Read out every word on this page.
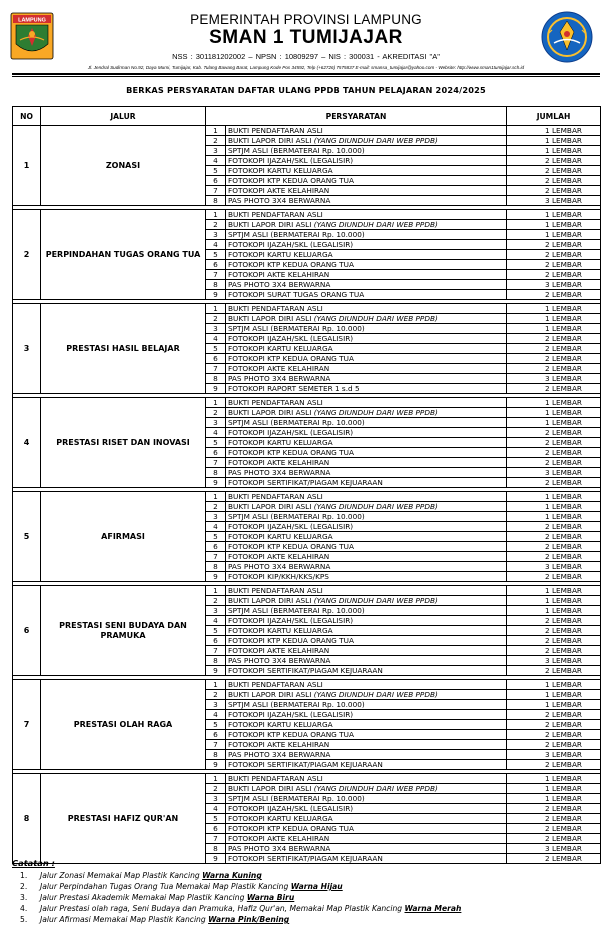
LAMPUNG	PEMERINTAH PROVINSI LAMPUNG
SMAN 1 TUMIJAJAR
NSS : 301181202002 – NPSN : 10809297 – NIS : 300031 - AKREDITASI "A"
Jl. Jendral Sudirman No.92, Daya Murni, Tumijajar, Kab. Tulang Bawang Barat, Lampung Kode Pos 34592, Telp (+62726) 7575837 E-mail: smansa_tumijajar@yahoo.com - Website: http://www.sman1tumijajar.sch.id
BERKAS PERSYARATAN DAFTAR ULANG PPDB TAHUN PELAJARAN 2024/2025
NO	JALUR	PERSYARATAN		JUMLAH
1	ZONASI	1	BUKTI PENDAFTARAN ASLI	1 LEMBAR
		2	BUKTI LAPOR DIRI ASLI (YANG DIUNDUH DARI WEB PPDB)	1 LEMBAR
		3	SPTJM ASLI (BERMATERAI Rp. 10.000)	1 LEMBAR
		4	FOTOKOPI IJAZAH/SKL (LEGALISIR)	2 LEMBAR
		5	FOTOKOPI KARTU KELUARGA	2 LEMBAR
		6	FOTOKOPI KTP KEDUA ORANG TUA	2 LEMBAR
		7	FOTOKOPI AKTE KELAHIRAN	2 LEMBAR
		8	PAS PHOTO 3X4 BERWARNA	3 LEMBAR

2	PERPINDAHAN TUGAS ORANG TUA	1	BUKTI PENDAFTARAN ASLI	1 LEMBAR
		2	BUKTI LAPOR DIRI ASLI (YANG DIUNDUH DARI WEB PPDB)	1 LEMBAR
		3	SPTJM ASLI (BERMATERAI Rp. 10.000)	1 LEMBAR
		4	FOTOKOPI IJAZAH/SKL (LEGALISIR)	2 LEMBAR
		5	FOTOKOPI KARTU KELUARGA	2 LEMBAR
		6	FOTOKOPI KTP KEDUA ORANG TUA	2 LEMBAR
		7	FOTOKOPI AKTE KELAHIRAN	2 LEMBAR
		8	PAS PHOTO 3X4 BERWARNA	3 LEMBAR
		9	FOTOKOPI SURAT TUGAS ORANG TUA	2 LEMBAR

3	PRESTASI HASIL BELAJAR	1	BUKTI PENDAFTARAN ASLI	1 LEMBAR
		2	BUKTI LAPOR DIRI ASLI (YANG DIUNDUH DARI WEB PPDB)	1 LEMBAR
		3	SPTJM ASLI (BERMATERAI Rp. 10.000)	1 LEMBAR
		4	FOTOKOPI IJAZAH/SKL (LEGALISIR)	2 LEMBAR
		5	FOTOKOPI KARTU KELUARGA	2 LEMBAR
		6	FOTOKOPI KTP KEDUA ORANG TUA	2 LEMBAR
		7	FOTOKOPI AKTE KELAHIRAN	2 LEMBAR
		8	PAS PHOTO 3X4 BERWARNA	3 LEMBAR
		9	FOTOKOPI RAPORT SEMETER 1 s.d 5	2 LEMBAR

4	PRESTASI RISET DAN INOVASI	1	BUKTI PENDAFTARAN ASLI	1 LEMBAR
		2	BUKTI LAPOR DIRI ASLI (YANG DIUNDUH DARI WEB PPDB)	1 LEMBAR
		3	SPTJM ASLI (BERMATERAI Rp. 10.000)	1 LEMBAR
		4	FOTOKOPI IJAZAH/SKL (LEGALISIR)	2 LEMBAR
		5	FOTOKOPI KARTU KELUARGA	2 LEMBAR
		6	FOTOKOPI KTP KEDUA ORANG TUA	2 LEMBAR
		7	FOTOKOPI AKTE KELAHIRAN	2 LEMBAR
		8	PAS PHOTO 3X4 BERWARNA	3 LEMBAR
		9	FOTOKOPI SERTIFIKAT/PIAGAM KEJUARAAN	2 LEMBAR

5	AFIRMASI	1	BUKTI PENDAFTARAN ASLI	1 LEMBAR
		2	BUKTI LAPOR DIRI ASLI (YANG DIUNDUH DARI WEB PPDB)	1 LEMBAR
		3	SPTJM ASLI (BERMATERAI Rp. 10.000)	1 LEMBAR
		4	FOTOKOPI IJAZAH/SKL (LEGALISIR)	2 LEMBAR
		5	FOTOKOPI KARTU KELUARGA	2 LEMBAR
		6	FOTOKOPI KTP KEDUA ORANG TUA	2 LEMBAR
		7	FOTOKOPI AKTE KELAHIRAN	2 LEMBAR
		8	PAS PHOTO 3X4 BERWARNA	3 LEMBAR
		9	FOTOKOPI KIP/KKH/KKS/KPS	2 LEMBAR

6	PRESTASI SENI BUDAYA DAN PRAMUKA	1	BUKTI PENDAFTARAN ASLI	1 LEMBAR
		2	BUKTI LAPOR DIRI ASLI (YANG DIUNDUH DARI WEB PPDB)	1 LEMBAR
		3	SPTJM ASLI (BERMATERAI Rp. 10.000)	1 LEMBAR
		4	FOTOKOPI IJAZAH/SKL (LEGALISIR)	2 LEMBAR
		5	FOTOKOPI KARTU KELUARGA	2 LEMBAR
		6	FOTOKOPI KTP KEDUA ORANG TUA	2 LEMBAR
		7	FOTOKOPI AKTE KELAHIRAN	2 LEMBAR
		8	PAS PHOTO 3X4 BERWARNA	3 LEMBAR
		9	FOTOKOPI SERTIFIKAT/PIAGAM KEJUARAAN	2 LEMBAR

7	PRESTASI OLAH RAGA	1	BUKTI PENDAFTARAN ASLI	1 LEMBAR
		2	BUKTI LAPOR DIRI ASLI (YANG DIUNDUH DARI WEB PPDB)	1 LEMBAR
		3	SPTJM ASLI (BERMATERAI Rp. 10.000)	1 LEMBAR
		4	FOTOKOPI IJAZAH/SKL (LEGALISIR)	2 LEMBAR
		5	FOTOKOPI KARTU KELUARGA	2 LEMBAR
		6	FOTOKOPI KTP KEDUA ORANG TUA	2 LEMBAR
		7	FOTOKOPI AKTE KELAHIRAN	2 LEMBAR
		8	PAS PHOTO 3X4 BERWARNA	3 LEMBAR
		9	FOTOKOPI SERTIFIKAT/PIAGAM KEJUARAAN	2 LEMBAR

8	PRESTASI HAFIZ QUR'AN	1	BUKTI PENDAFTARAN ASLI	1 LEMBAR
		2	BUKTI LAPOR DIRI ASLI (YANG DIUNDUH DARI WEB PPDB)	1 LEMBAR
		3	SPTJM ASLI (BERMATERAI Rp. 10.000)	1 LEMBAR
		4	FOTOKOPI IJAZAH/SKL (LEGALISIR)	2 LEMBAR
		5	FOTOKOPI KARTU KELUARGA	2 LEMBAR
		6	FOTOKOPI KTP KEDUA ORANG TUA	2 LEMBAR
		7	FOTOKOPI AKTE KELAHIRAN	2 LEMBAR
		8	PAS PHOTO 3X4 BERWARNA	3 LEMBAR
		9	FOTOKOPI SERTIFIKAT/PIAGAM KEJUARAAN	2 LEMBAR
Catatan :
1. Jalur Zonasi Memakai Map Plastik Kancing Warna Kuning
2. Jalur Perpindahan Tugas Orang Tua Memakai Map Plastik Kancing Warna Hijau
3. Jalur Prestasi Akademik Memakai Map Plastik Kancing Warna Biru
4. Jalur Prestasi olah raga, Seni Budaya dan Pramuka, Hafiz Qur'an, Memakai Map Plastik Kancing Warna Merah
5. Jalur Afirmasi Memakai Map Plastik Kancing Warna Pink/Bening
